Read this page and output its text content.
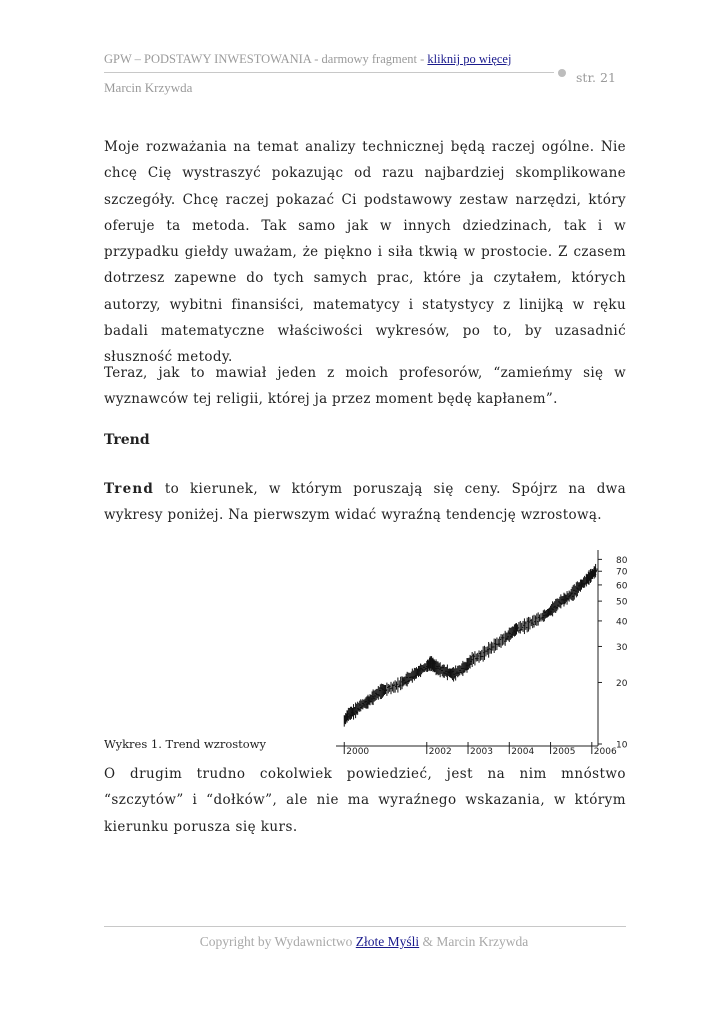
GPW – PODSTAWY INWESTOWANIA - darmowy fragment - kliknij po więcej
str. 21
Marcin Krzywda

Moje rozważania na temat analizy technicznej będą raczej ogólne. Nie chcę Cię wystraszyć pokazując od razu najbardziej skomplikowane szczegóły. Chcę raczej pokazać Ci podstawowy zestaw narzędzi, który oferuje ta metoda. Tak samo jak w innych dziedzinach, tak i w przypadku giełdy uważam, że piękno i siła tkwią w prostocie. Z czasem dotrzesz zapewne do tych samych prac, które ja czytałem, których autorzy, wybitni finansiści, matematycy i statystycy z linijką w ręku badali matematyczne właściwości wykresów, po to, by uzasadnić słuszność metody.

Teraz, jak to mawiał jeden z moich profesorów, “zamieńmy się w wyznawców tej religii, której ja przez moment będę kapłanem”.

Trend

Trend to kierunek, w którym poruszają się ceny. Spójrz na dwa wykresy poniżej. Na pierwszym widać wyraźną tendencję wzrostową.

10
20
30
40
50
60
70
80
2000	2002 2003 2004 2005 2006
Wykres 1. Trend wzrostowy

O drugim trudno cokolwiek powiedzieć, jest na nim mnóstwo “szczytów” i “dołków”, ale nie ma wyraźnego wskazania, w którym kierunku porusza się kurs.

Copyright by Wydawnictwo Złote Myśli & Marcin Krzywda
